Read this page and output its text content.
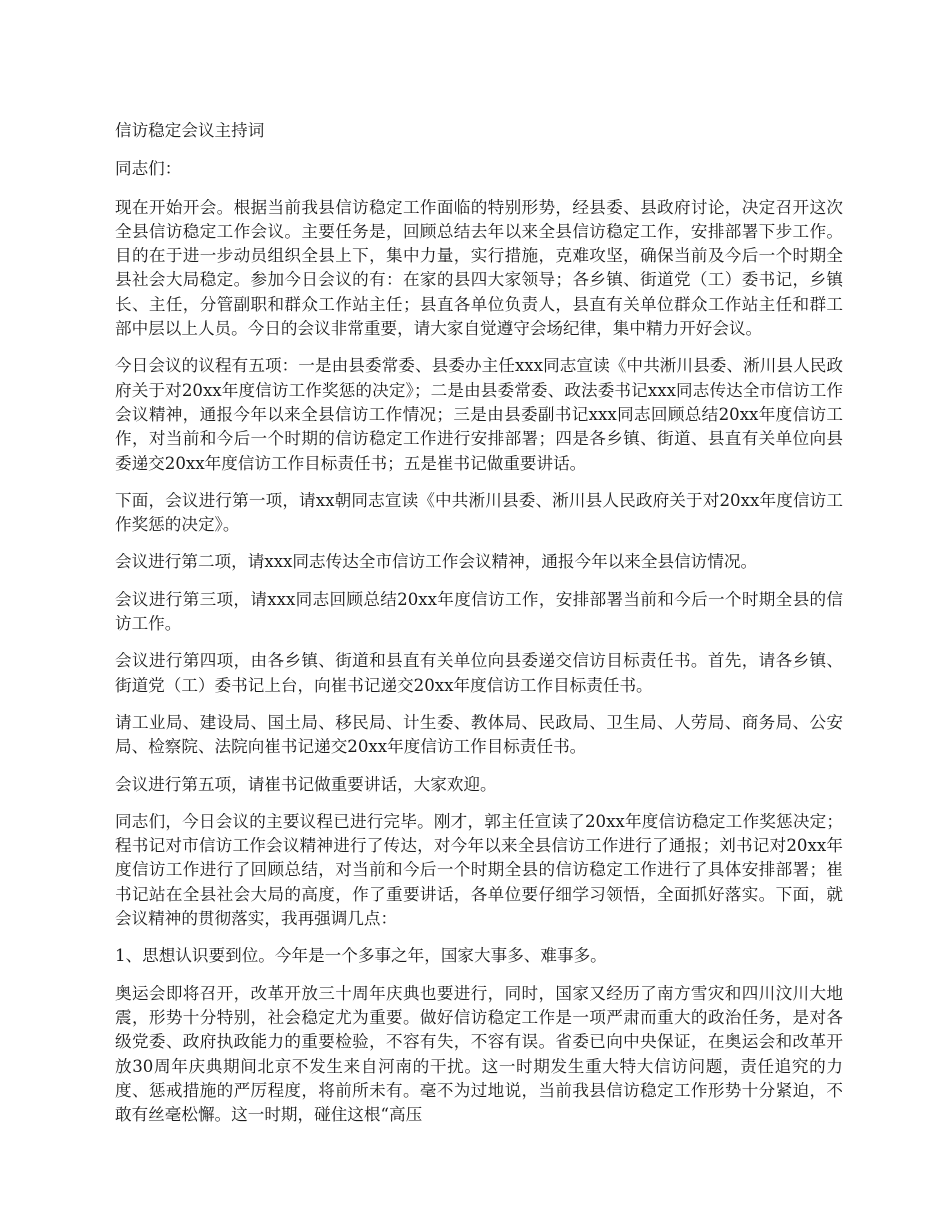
信访稳定会议主持词

同志们：

现在开始开会。根据当前我县信访稳定工作面临的特别形势，经县委、县政府讨论，决定召开这次全县信访稳定工作会议。主要任务是，回顾总结去年以来全县信访稳定工作，安排部署下步工作。目的在于进一步动员组织全县上下，集中力量，实行措施，克难攻坚，确保当前及今后一个时期全县社会大局稳定。参加今日会议的有：在家的县四大家领导；各乡镇、街道党（工）委书记，乡镇长、主任，分管副职和群众工作站主任；县直各单位负责人，县直有关单位群众工作站主任和群工部中层以上人员。今日的会议非常重要，请大家自觉遵守会场纪律，集中精力开好会议。

今日会议的议程有五项：一是由县委常委、县委办主任xxx同志宣读《中共淅川县委、淅川县人民政府关于对20xx年度信访工作奖惩的决定》；二是由县委常委、政法委书记xxx同志传达全市信访工作会议精神，通报今年以来全县信访工作情况；三是由县委副书记xxx同志回顾总结20xx年度信访工作，对当前和今后一个时期的信访稳定工作进行安排部署；四是各乡镇、街道、县直有关单位向县委递交20xx年度信访工作目标责任书；五是崔书记做重要讲话。

下面，会议进行第一项，请xx朝同志宣读《中共淅川县委、淅川县人民政府关于对20xx年度信访工作奖惩的决定》。

会议进行第二项，请xxx同志传达全市信访工作会议精神，通报今年以来全县信访情况。

会议进行第三项，请xxx同志回顾总结20xx年度信访工作，安排部署当前和今后一个时期全县的信访工作。

会议进行第四项，由各乡镇、街道和县直有关单位向县委递交信访目标责任书。首先，请各乡镇、街道党（工）委书记上台，向崔书记递交20xx年度信访工作目标责任书。

请工业局、建设局、国土局、移民局、计生委、教体局、民政局、卫生局、人劳局、商务局、公安局、检察院、法院向崔书记递交20xx年度信访工作目标责任书。

会议进行第五项，请崔书记做重要讲话，大家欢迎。

同志们，今日会议的主要议程已进行完毕。刚才，郭主任宣读了20xx年度信访稳定工作奖惩决定；程书记对市信访工作会议精神进行了传达，对今年以来全县信访工作进行了通报；刘书记对20xx年度信访工作进行了回顾总结，对当前和今后一个时期全县的信访稳定工作进行了具体安排部署；崔书记站在全县社会大局的高度，作了重要讲话，各单位要仔细学习领悟，全面抓好落实。下面，就会议精神的贯彻落实，我再强调几点：

1、思想认识要到位。今年是一个多事之年，国家大事多、难事多。

奥运会即将召开，改革开放三十周年庆典也要进行，同时，国家又经历了南方雪灾和四川汶川大地震，形势十分特别，社会稳定尤为重要。做好信访稳定工作是一项严肃而重大的政治任务，是对各级党委、政府执政能力的重要检验，不容有失，不容有误。省委已向中央保证，在奥运会和改革开放30周年庆典期间北京不发生来自河南的干扰。这一时期发生重大特大信访问题，责任追究的力度、惩戒措施的严厉程度，将前所未有。毫不为过地说，当前我县信访稳定工作形势十分紧迫，不敢有丝毫松懈。这一时期，碰住这根“高压
